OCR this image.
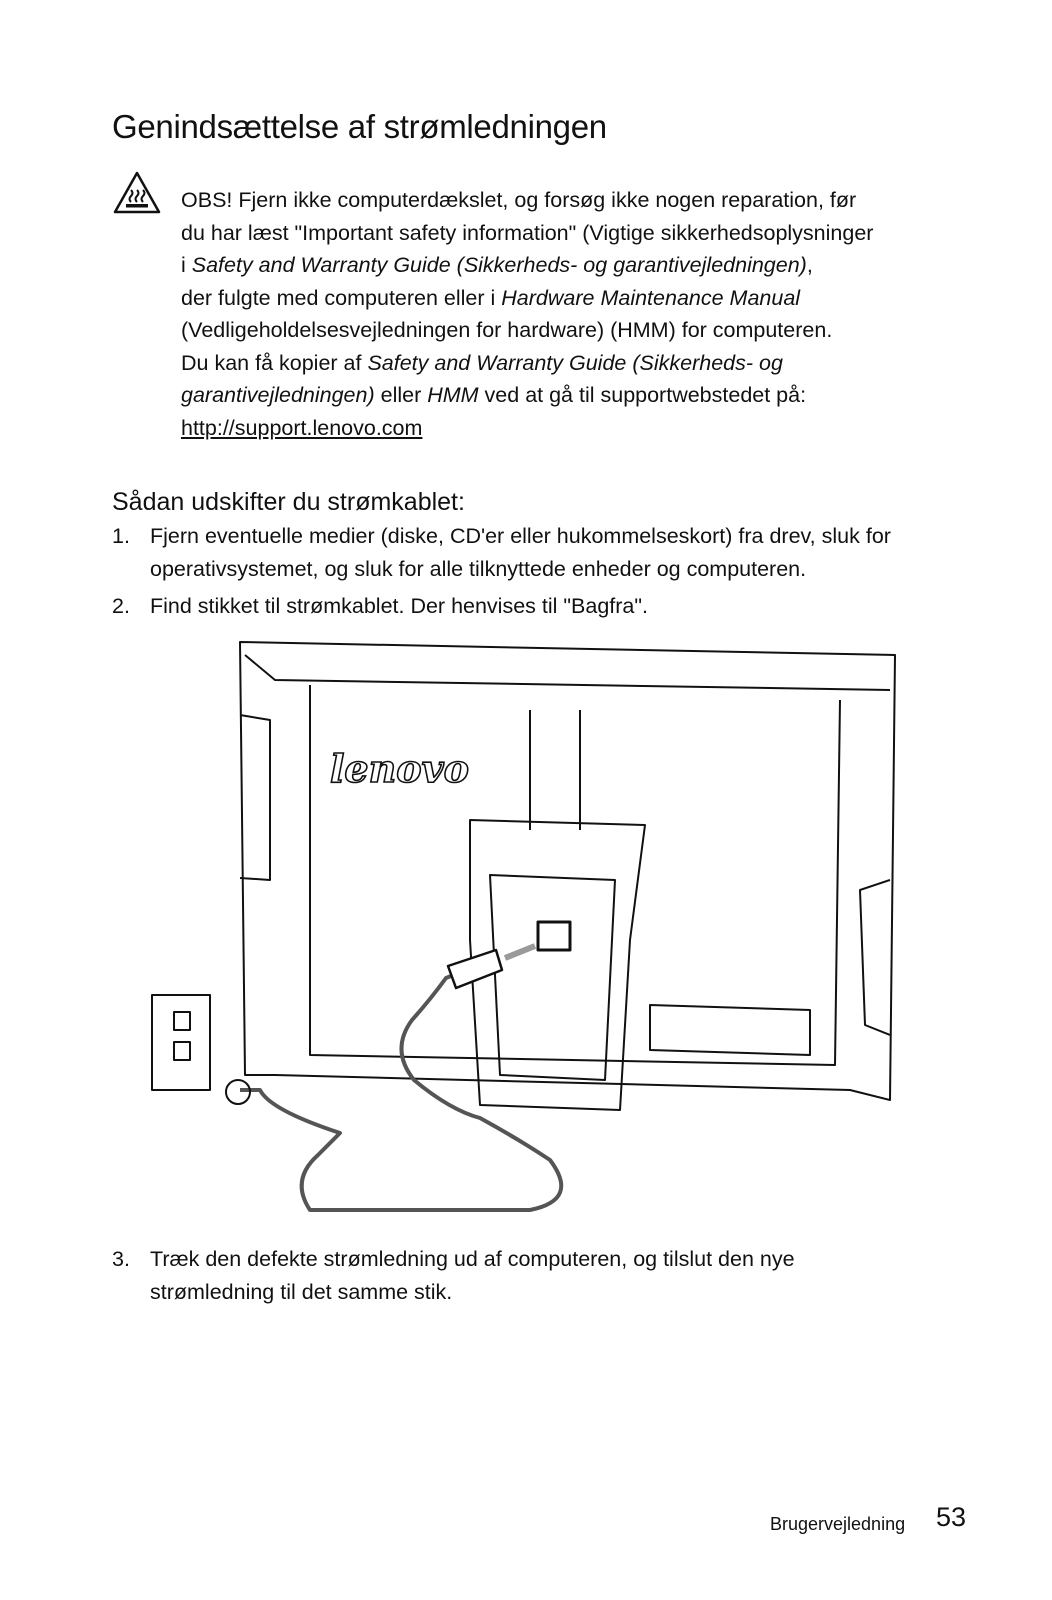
Genindsættelse af strømledningen
OBS! Fjern ikke computerdækslet, og forsøg ikke nogen reparation, før
du har læst "Important safety information" (Vigtige sikkerhedsoplysninger
i Safety and Warranty Guide (Sikkerheds- og garantivejledningen),
der fulgte med computeren eller i Hardware Maintenance Manual
(Vedligeholdelsesvejledningen for hardware) (HMM) for computeren.
Du kan få kopier af Safety and Warranty Guide (Sikkerheds- og
garantivejledningen) eller HMM ved at gå til supportwebstedet på:
http://support.lenovo.com
Sådan udskifter du strømkablet:
1. Fjern eventuelle medier (diske, CD'er eller hukommelseskort) fra drev, sluk for
operativsystemet, og sluk for alle tilknyttede enheder og computeren.
2. Find stikket til strømkablet. Der henvises til "Bagfra".
lenovo
3. Træk den defekte strømledning ud af computeren, og tilslut den nye
strømledning til det samme stik.
Brugervejledning 53
